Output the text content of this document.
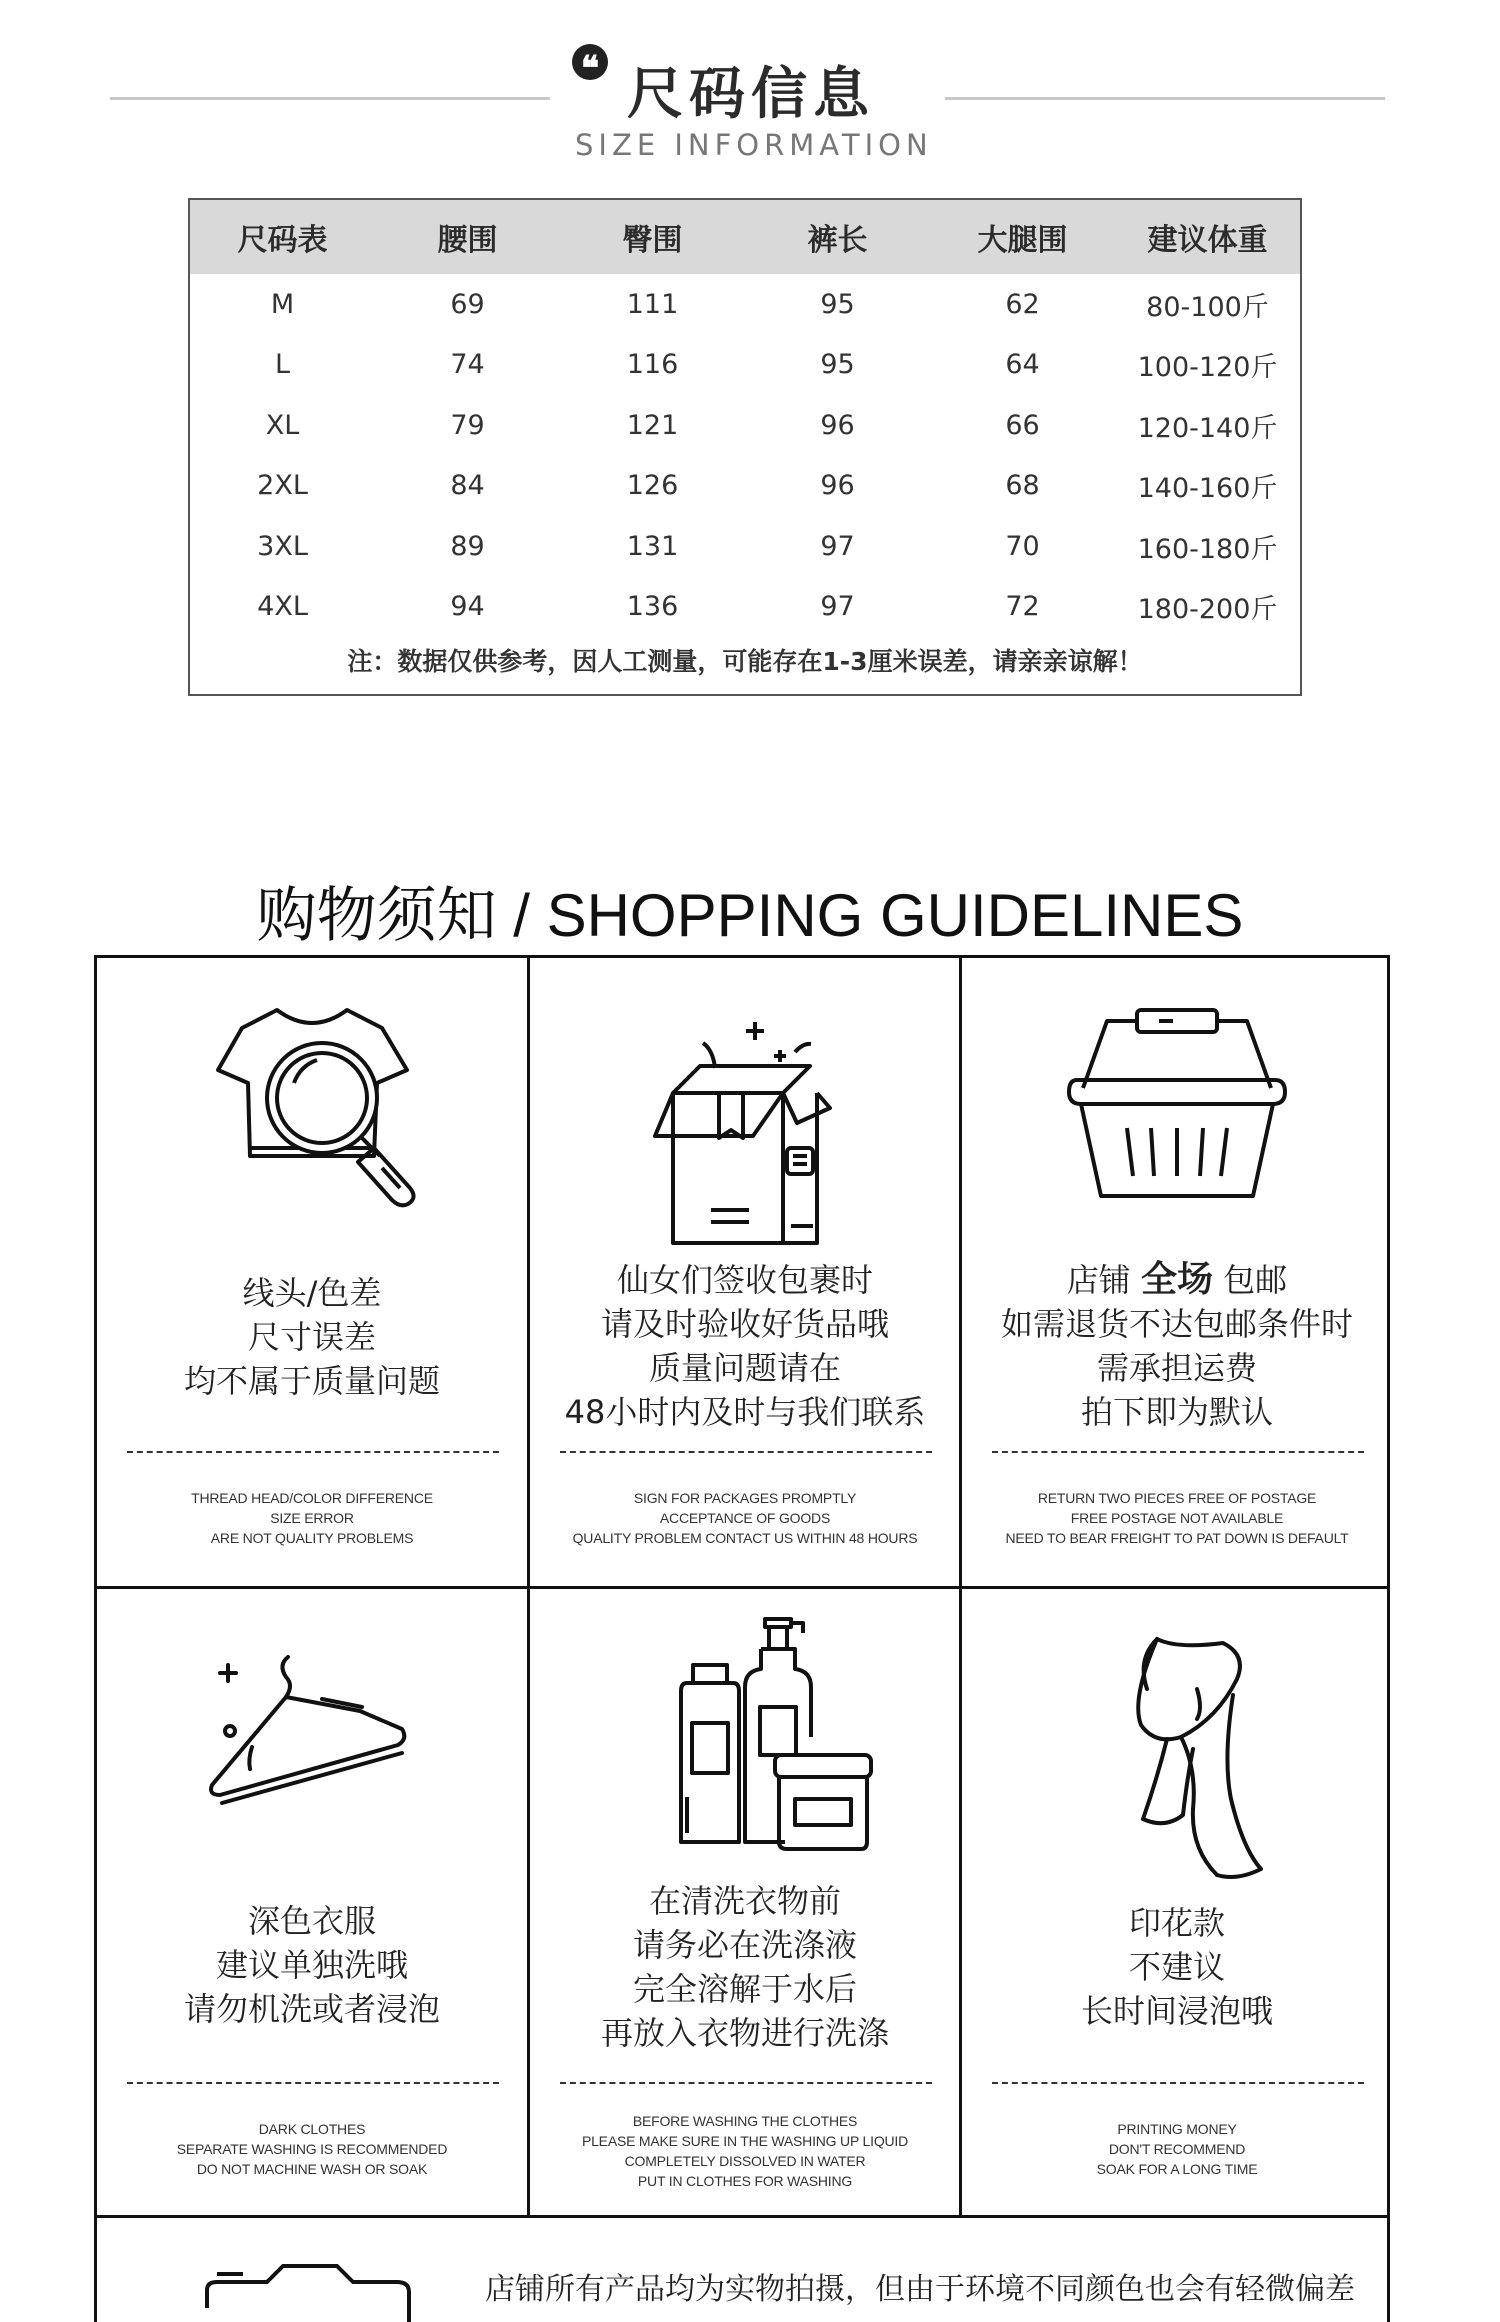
❝ 尺码信息
SIZE INFORMATION
尺码表	腰围	臀围	裤长	大腿围	建议体重
M	69	111	95	62	80-100斤
L	74	116	95	64	100-120斤
XL	79	121	96	66	120-140斤
2XL	84	126	96	68	140-160斤
3XL	89	131	97	70	160-180斤
4XL	94	136	97	72	180-200斤
注：数据仅供参考，因人工测量，可能存在1-3厘米误差，请亲亲谅解！
购物须知 / SHOPPING GUIDELINES
线头/色差
尺寸误差
均不属于质量问题
THREAD HEAD/COLOR DIFFERENCE
SIZE ERROR
ARE NOT QUALITY PROBLEMS
仙女们签收包裹时
请及时验收好货品哦
质量问题请在
48小时内及时与我们联系
SIGN FOR PACKAGES PROMPTLY
ACCEPTANCE OF GOODS
QUALITY PROBLEM CONTACT US WITHIN 48 HOURS
店铺 全场 包邮
如需退货不达包邮条件时
需承担运费
拍下即为默认
RETURN TWO PIECES FREE OF POSTAGE
FREE POSTAGE NOT AVAILABLE
NEED TO BEAR FREIGHT TO PAT DOWN IS DEFAULT
深色衣服
建议单独洗哦
请勿机洗或者浸泡
DARK CLOTHES
SEPARATE WASHING IS RECOMMENDED
DO NOT MACHINE WASH OR SOAK
在清洗衣物前
请务必在洗涤液
完全溶解于水后
再放入衣物进行洗涤
BEFORE WASHING THE CLOTHES
PLEASE MAKE SURE IN THE WASHING UP LIQUID
COMPLETELY DISSOLVED IN WATER
PUT IN CLOTHES FOR WASHING
印花款
不建议
长时间浸泡哦
PRINTING MONEY
DON'T RECOMMEND
SOAK FOR A LONG TIME
店铺所有产品均为实物拍摄，但由于环境不同颜色也会有轻微偏差
